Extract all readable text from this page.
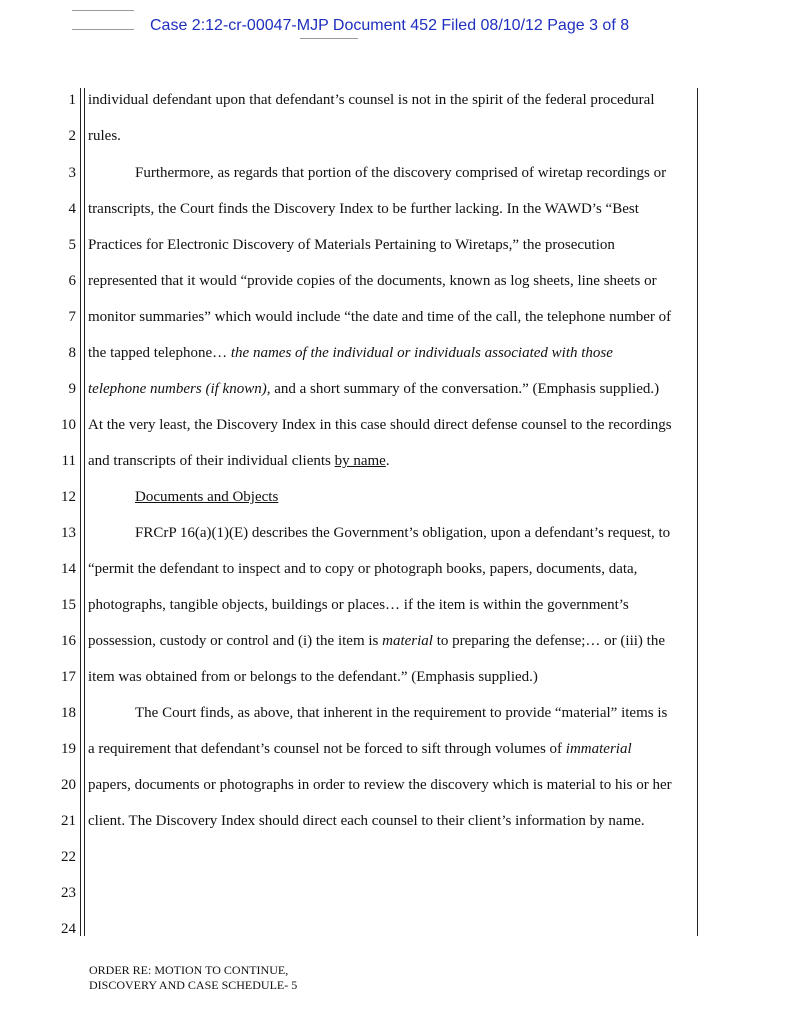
Case 2:12-cr-00047-MJP Document 452 Filed 08/10/12 Page 3 of 8
1
2
3
4
5
6
7
8
9
10
11
12
13
14
15
16
17
18
19
20
21
22
23
24
individual defendant upon that defendant’s counsel is not in the spirit of the federal procedural
rules.
Furthermore, as regards that portion of the discovery comprised of wiretap recordings or
transcripts, the Court finds the Discovery Index to be further lacking. In the WAWD’s “Best
Practices for Electronic Discovery of Materials Pertaining to Wiretaps,” the prosecution
represented that it would “provide copies of the documents, known as log sheets, line sheets or
monitor summaries” which would include “the date and time of the call, the telephone number of
the tapped telephone… the names of the individual or individuals associated with those
telephone numbers (if known), and a short summary of the conversation.” (Emphasis supplied.)
At the very least, the Discovery Index in this case should direct defense counsel to the recordings
and transcripts of their individual clients by name.
Documents and Objects
FRCrP 16(a)(1)(E) describes the Government’s obligation, upon a defendant’s request, to
“permit the defendant to inspect and to copy or photograph books, papers, documents, data,
photographs, tangible objects, buildings or places… if the item is within the government’s
possession, custody or control and (i) the item is material to preparing the defense;… or (iii) the
item was obtained from or belongs to the defendant.” (Emphasis supplied.)
The Court finds, as above, that inherent in the requirement to provide “material” items is
a requirement that defendant’s counsel not be forced to sift through volumes of immaterial
papers, documents or photographs in order to review the discovery which is material to his or her
client. The Discovery Index should direct each counsel to their client’s information by name.
ORDER RE: MOTION TO CONTINUE,
DISCOVERY AND CASE SCHEDULE- 5
